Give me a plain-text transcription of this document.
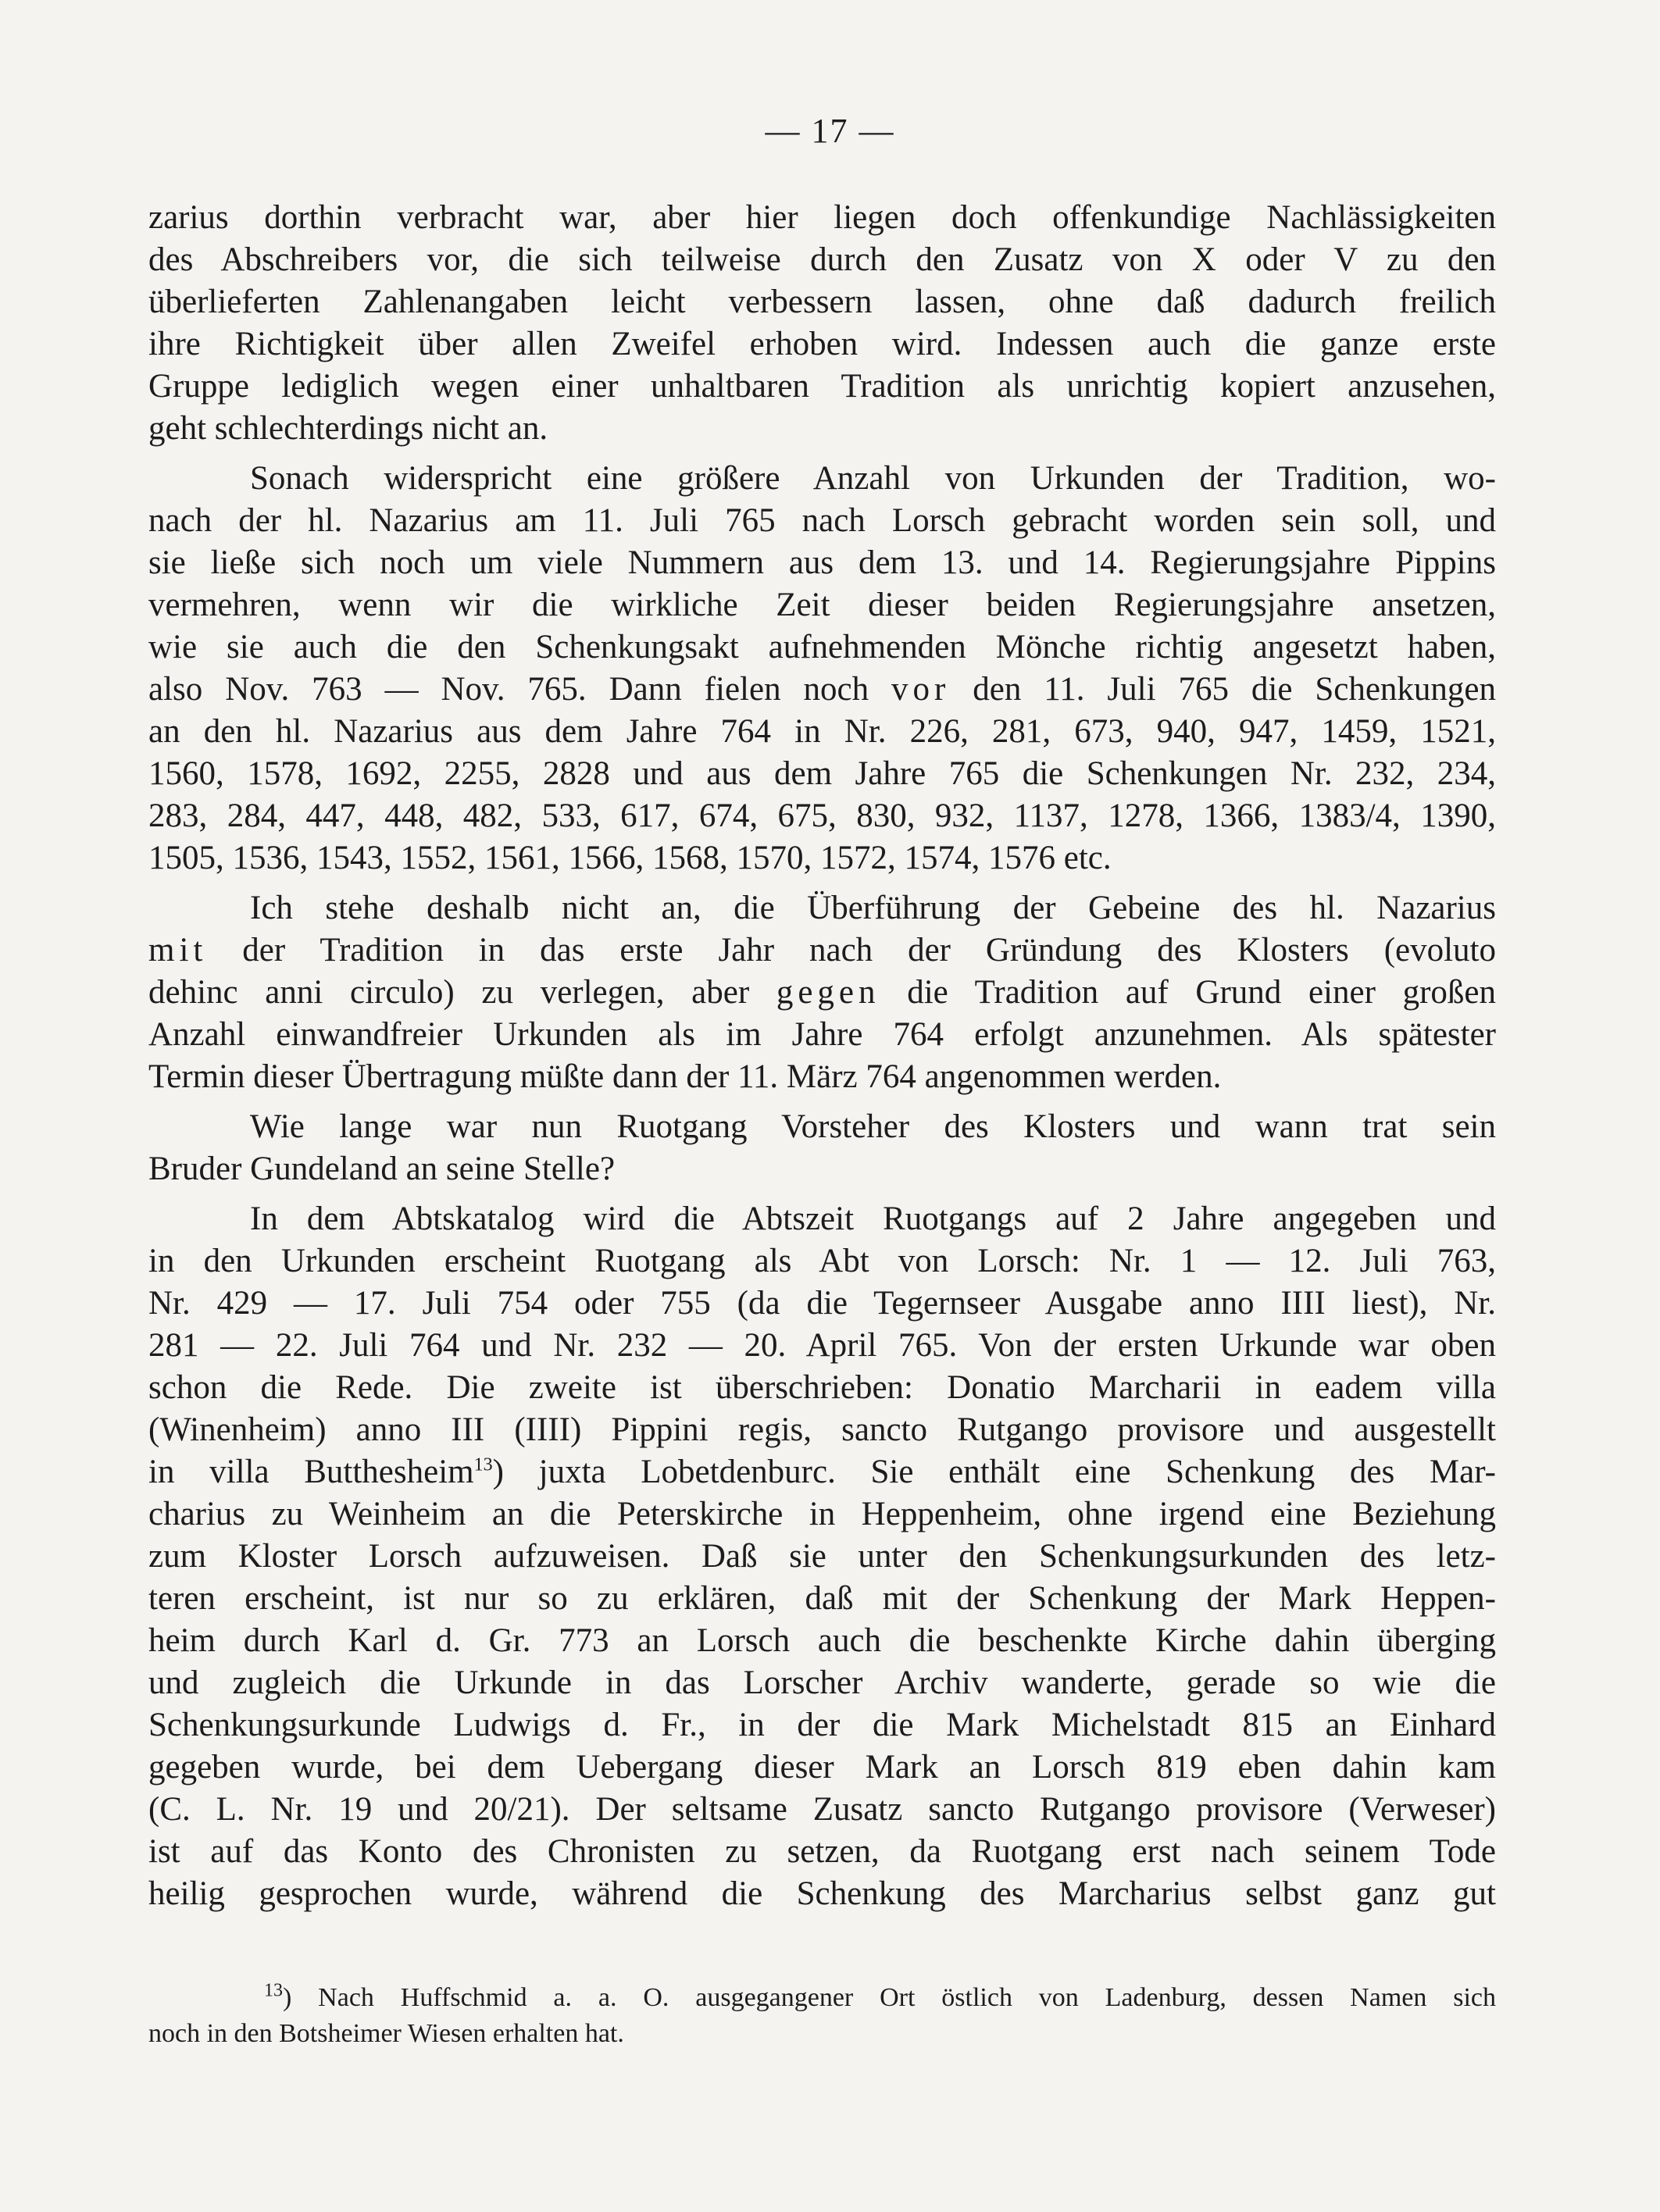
— 17 —
zarius dorthin verbracht war, aber hier liegen doch offenkundige Nachlässigkeiten
des Abschreibers vor, die sich teilweise durch den Zusatz von X oder V zu den
überlieferten Zahlenangaben leicht verbessern lassen, ohne daß dadurch freilich
ihre Richtigkeit über allen Zweifel erhoben wird. Indessen auch die ganze erste
Gruppe lediglich wegen einer unhaltbaren Tradition als unrichtig kopiert anzusehen,
geht schlechterdings nicht an.
Sonach widerspricht eine größere Anzahl von Urkunden der Tradition, wo-
nach der hl. Nazarius am 11. Juli 765 nach Lorsch gebracht worden sein soll, und
sie ließe sich noch um viele Nummern aus dem 13. und 14. Regierungsjahre Pippins
vermehren, wenn wir die wirkliche Zeit dieser beiden Regierungsjahre ansetzen,
wie sie auch die den Schenkungsakt aufnehmenden Mönche richtig angesetzt haben,
also Nov. 763 — Nov. 765. Dann fielen noch vor den 11. Juli 765 die Schenkungen
an den hl. Nazarius aus dem Jahre 764 in Nr. 226, 281, 673, 940, 947, 1459, 1521,
1560, 1578, 1692, 2255, 2828 und aus dem Jahre 765 die Schenkungen Nr. 232, 234,
283, 284, 447, 448, 482, 533, 617, 674, 675, 830, 932, 1137, 1278, 1366, 1383/4, 1390,
1505, 1536, 1543, 1552, 1561, 1566, 1568, 1570, 1572, 1574, 1576 etc.
Ich stehe deshalb nicht an, die Überführung der Gebeine des hl. Nazarius
mit der Tradition in das erste Jahr nach der Gründung des Klosters (evoluto
dehinc anni circulo) zu verlegen, aber gegen die Tradition auf Grund einer großen
Anzahl einwandfreier Urkunden als im Jahre 764 erfolgt anzunehmen. Als spätester
Termin dieser Übertragung müßte dann der 11. März 764 angenommen werden.
Wie lange war nun Ruotgang Vorsteher des Klosters und wann trat sein
Bruder Gundeland an seine Stelle?
In dem Abtskatalog wird die Abtszeit Ruotgangs auf 2 Jahre angegeben und
in den Urkunden erscheint Ruotgang als Abt von Lorsch: Nr. 1 — 12. Juli 763,
Nr. 429 — 17. Juli 754 oder 755 (da die Tegernseer Ausgabe anno IIII liest), Nr.
281 — 22. Juli 764 und Nr. 232 — 20. April 765. Von der ersten Urkunde war oben
schon die Rede. Die zweite ist überschrieben: Donatio Marcharii in eadem villa
(Winenheim) anno III (IIII) Pippini regis, sancto Rutgango provisore und ausgestellt
in villa Butthesheim$^{13}$) juxta Lobetdenburc. Sie enthält eine Schenkung des Mar-
charius zu Weinheim an die Peterskirche in Heppenheim, ohne irgend eine Beziehung
zum Kloster Lorsch aufzuweisen. Daß sie unter den Schenkungsurkunden des letz-
teren erscheint, ist nur so zu erklären, daß mit der Schenkung der Mark Heppen-
heim durch Karl d. Gr. 773 an Lorsch auch die beschenkte Kirche dahin überging
und zugleich die Urkunde in das Lorscher Archiv wanderte, gerade so wie die
Schenkungsurkunde Ludwigs d. Fr., in der die Mark Michelstadt 815 an Einhard
gegeben wurde, bei dem Uebergang dieser Mark an Lorsch 819 eben dahin kam
(C. L. Nr. 19 und 20/21). Der seltsame Zusatz sancto Rutgango provisore (Verweser)
ist auf das Konto des Chronisten zu setzen, da Ruotgang erst nach seinem Tode
heilig gesprochen wurde, während die Schenkung des Marcharius selbst ganz gut
$^{13}$) Nach Huffschmid a. a. O. ausgegangener Ort östlich von Ladenburg, dessen Namen sich
noch in den Botsheimer Wiesen erhalten hat.
